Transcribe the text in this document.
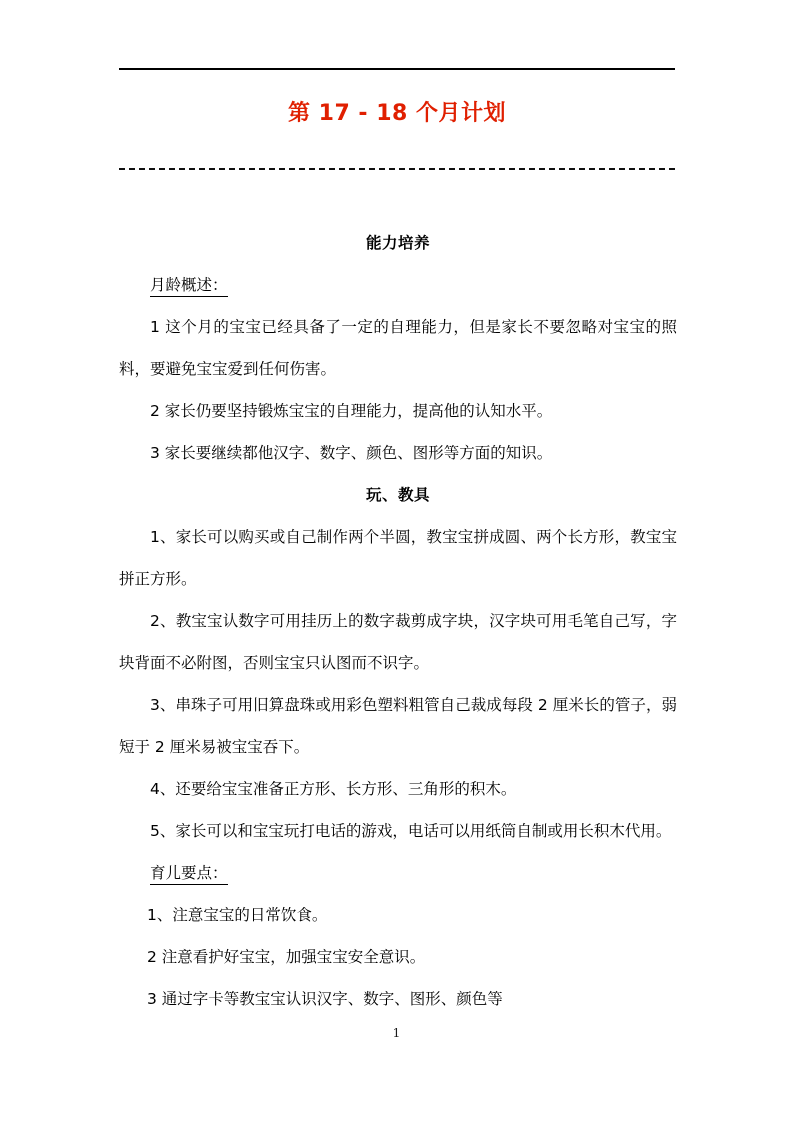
第 17 - 18 个月计划
能力培养
月龄概述：

1 这个月的宝宝已经具备了一定的自理能力，但是家长不要忽略对宝宝的照料，要避免宝宝爱到任何伤害。

2 家长仍要坚持锻炼宝宝的自理能力，提高他的认知水平。

3 家长要继续都他汉字、数字、颜色、图形等方面的知识。

玩、教具

1、家长可以购买或自己制作两个半圆，教宝宝拼成圆、两个长方形，教宝宝拼正方形。

2、教宝宝认数字可用挂历上的数字裁剪成字块，汉字块可用毛笔自己写，字块背面不必附图，否则宝宝只认图而不识字。

3、串珠子可用旧算盘珠或用彩色塑料粗管自己裁成每段 2 厘米长的管子，弱短于 2 厘米易被宝宝吞下。

4、还要给宝宝准备正方形、长方形、三角形的积木。

5、家长可以和宝宝玩打电话的游戏，电话可以用纸筒自制或用长积木代用。

育儿要点：

1、注意宝宝的日常饮食。

2 注意看护好宝宝，加强宝宝安全意识。

3 通过字卡等教宝宝认识汉字、数字、图形、颜色等

1
